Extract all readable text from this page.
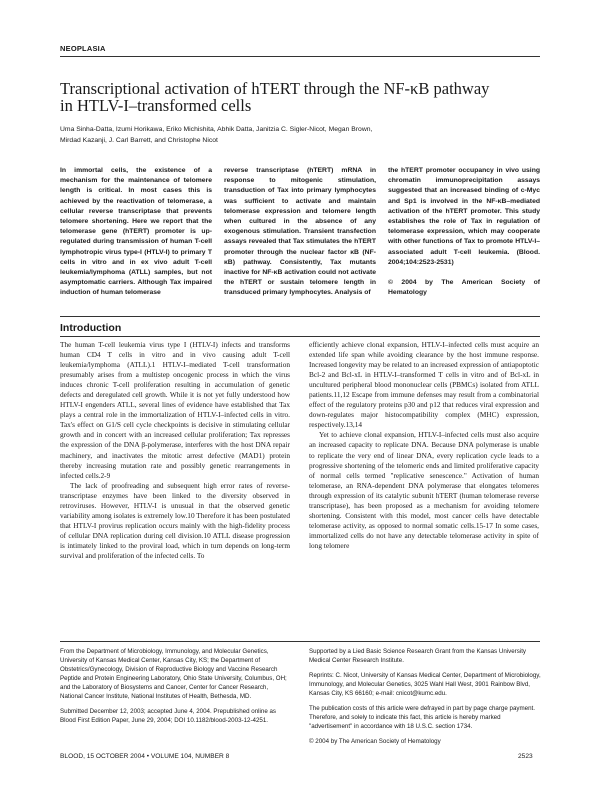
NEOPLASIA
Transcriptional activation of hTERT through the NF-κB pathway in HTLV-I–transformed cells
Uma Sinha-Datta, Izumi Horikawa, Eriko Michishita, Abhik Datta, Janitzia C. Sigler-Nicot, Megan Brown,
Mirdad Kazanji, J. Carl Barrett, and Christophe Nicot
In immortal cells, the existence of a mechanism for the maintenance of telomere length is critical. In most cases this is achieved by the reactivation of telomerase, a cellular reverse transcriptase that prevents telomere shortening. Here we report that the telomerase gene (hTERT) promoter is up-regulated during transmission of human T-cell lymphotropic virus type-I (HTLV-I) to primary T cells in vitro and in ex vivo adult T-cell leukemia/lymphoma (ATLL) samples, but not asymptomatic carriers. Although Tax impaired induction of human telomerase
reverse transcriptase (hTERT) mRNA in response to mitogenic stimulation, transduction of Tax into primary lymphocytes was sufficient to activate and maintain telomerase expression and telomere length when cultured in the absence of any exogenous stimulation. Transient transfection assays revealed that Tax stimulates the hTERT promoter through the nuclear factor κB (NF-κB) pathway. Consistently, Tax mutants inactive for NF-κB activation could not activate the hTERT or sustain telomere length in transduced primary lymphocytes. Analysis of
the hTERT promoter occupancy in vivo using chromatin immunoprecipitation assays suggested that an increased binding of c-Myc and Sp1 is involved in the NF-κB–mediated activation of the hTERT promoter. This study establishes the role of Tax in regulation of telomerase expression, which may cooperate with other functions of Tax to promote HTLV-I–associated adult T-cell leukemia. (Blood. 2004;104:2523-2531)
© 2004 by The American Society of Hematology
Introduction

The human T-cell leukemia virus type I (HTLV-I) infects and transforms human CD4 T cells in vitro and in vivo causing adult T-cell leukemia/lymphoma (ATLL).1 HTLV-I–mediated T-cell transformation presumably arises from a multistep oncogenic process in which the virus induces chronic T-cell proliferation resulting in accumulation of genetic defects and deregulated cell growth. While it is not yet fully understood how HTLV-I engenders ATLL, several lines of evidence have established that Tax plays a central role in the immortalization of HTLV-I–infected cells in vitro. Tax's effect on G1/S cell cycle checkpoints is decisive in stimulating cellular growth and in concert with an increased cellular proliferation; Tax represses the expression of the DNA β-polymerase, interferes with the host DNA repair machinery, and inactivates the mitotic arrest defective (MAD1) protein thereby increasing mutation rate and possibly genetic rearrangements in infected cells.2-9

The lack of proofreading and subsequent high error rates of reverse-transcriptase enzymes have been linked to the diversity observed in retroviruses. However, HTLV-I is unusual in that the observed genetic variability among isolates is extremely low.10 Therefore it has been postulated that HTLV-I provirus replication occurs mainly with the high-fidelity process of cellular DNA replication during cell division.10 ATLL disease progression is intimately linked to the proviral load, which in turn depends on long-term survival and proliferation of the infected cells. To

efficiently achieve clonal expansion, HTLV-I–infected cells must acquire an extended life span while avoiding clearance by the host immune response. Increased longevity may be related to an increased expression of antiapoptotic Bcl-2 and Bcl-xL in HTLV-I–transformed T cells in vitro and of Bcl-xL in uncultured peripheral blood mononuclear cells (PBMCs) isolated from ATLL patients.11,12 Escape from immune defenses may result from a combinatorial effect of the regulatory proteins p30 and p12 that reduces viral expression and down-regulates major histocompatibility complex (MHC) expression, respectively.13,14

Yet to achieve clonal expansion, HTLV-I–infected cells must also acquire an increased capacity to replicate DNA. Because DNA polymerase is unable to replicate the very end of linear DNA, every replication cycle leads to a progressive shortening of the telomeric ends and limited proliferative capacity of normal cells termed "replicative senescence." Activation of human telomerase, an RNA-dependent DNA polymerase that elongates telomeres through expression of its catalytic subunit hTERT (human telomerase reverse transcriptase), has been proposed as a mechanism for avoiding telomere shortening. Consistent with this model, most cancer cells have detectable telomerase activity, as opposed to normal somatic cells.15-17 In some cases, immortalized cells do not have any detectable telomerase activity in spite of long telomere

From the Department of Microbiology, Immunology, and Molecular Genetics, University of Kansas Medical Center, Kansas City, KS; the Department of Obstetrics/Gynecology, Division of Reproductive Biology and Vaccine Research Peptide and Protein Engineering Laboratory, Ohio State University, Columbus, OH; and the Laboratory of Biosystems and Cancer, Center for Cancer Research, National Cancer Institute, National Institutes of Health, Bethesda, MD.

Submitted December 12, 2003; accepted June 4, 2004. Prepublished online as Blood First Edition Paper, June 29, 2004; DOI 10.1182/blood-2003-12-4251.

Supported by a Lied Basic Science Research Grant from the Kansas University Medical Center Research Institute.

Reprints: C. Nicot, University of Kansas Medical Center, Department of Microbiology, Immunology, and Molecular Genetics, 3025 Wahl Hall West, 3901 Rainbow Blvd, Kansas City, KS 66160; e-mail: cnicot@kumc.edu.

The publication costs of this article were defrayed in part by page charge payment. Therefore, and solely to indicate this fact, this article is hereby marked "advertisement" in accordance with 18 U.S.C. section 1734.

© 2004 by The American Society of Hematology

BLOOD, 15 OCTOBER 2004 • VOLUME 104, NUMBER 8	2523
